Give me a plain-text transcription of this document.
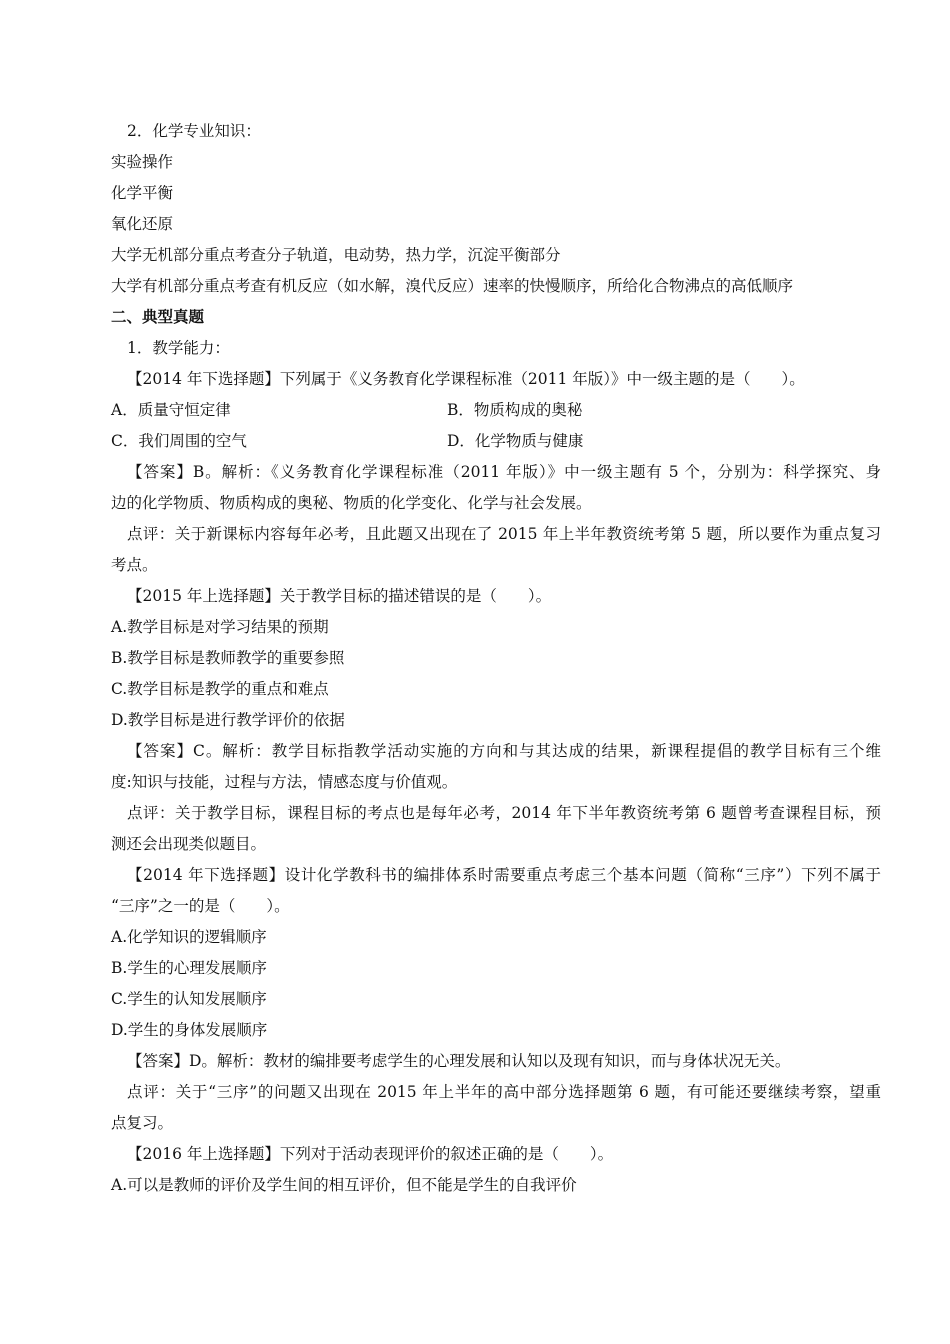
2．化学专业知识：
实验操作
化学平衡
氧化还原
大学无机部分重点考查分子轨道，电动势，热力学，沉淀平衡部分
大学有机部分重点考查有机反应（如水解，溴代反应）速率的快慢顺序，所给化合物沸点的高低顺序
二、典型真题
1．教学能力：
【2014 年下选择题】下列属于《义务教育化学课程标准（2011 年版）》中一级主题的是（　　）。
A．质量守恒定律	B．物质构成的奥秘
C．我们周围的空气	D．化学物质与健康
【答案】B。解析：《义务教育化学课程标准（2011 年版）》中一级主题有 5 个，分别为：科学探究、身
边的化学物质、物质构成的奥秘、物质的化学变化、化学与社会发展。
点评：关于新课标内容每年必考，且此题又出现在了 2015 年上半年教资统考第 5 题，所以要作为重点复习
考点。
【2015 年上选择题】关于教学目标的描述错误的是（　　）。
A.教学目标是对学习结果的预期
B.教学目标是教师教学的重要参照
C.教学目标是教学的重点和难点
D.教学目标是进行教学评价的依据
【答案】C。解析：教学目标指教学活动实施的方向和与其达成的结果，新课程提倡的教学目标有三个维
度:知识与技能，过程与方法，情感态度与价值观。
点评：关于教学目标，课程目标的考点也是每年必考，2014 年下半年教资统考第 6 题曾考查课程目标，预
测还会出现类似题目。
【2014 年下选择题】设计化学教科书的编排体系时需要重点考虑三个基本问题（简称“三序”）下列不属于
“三序”之一的是（　　）。
A.化学知识的逻辑顺序
B.学生的心理发展顺序
C.学生的认知发展顺序
D.学生的身体发展顺序
【答案】D。解析：教材的编排要考虑学生的心理发展和认知以及现有知识，而与身体状况无关。
点评：关于“三序”的问题又出现在 2015 年上半年的高中部分选择题第 6 题，有可能还要继续考察，望重
点复习。
【2016 年上选择题】下列对于活动表现评价的叙述正确的是（　　）。
A.可以是教师的评价及学生间的相互评价，但不能是学生的自我评价
